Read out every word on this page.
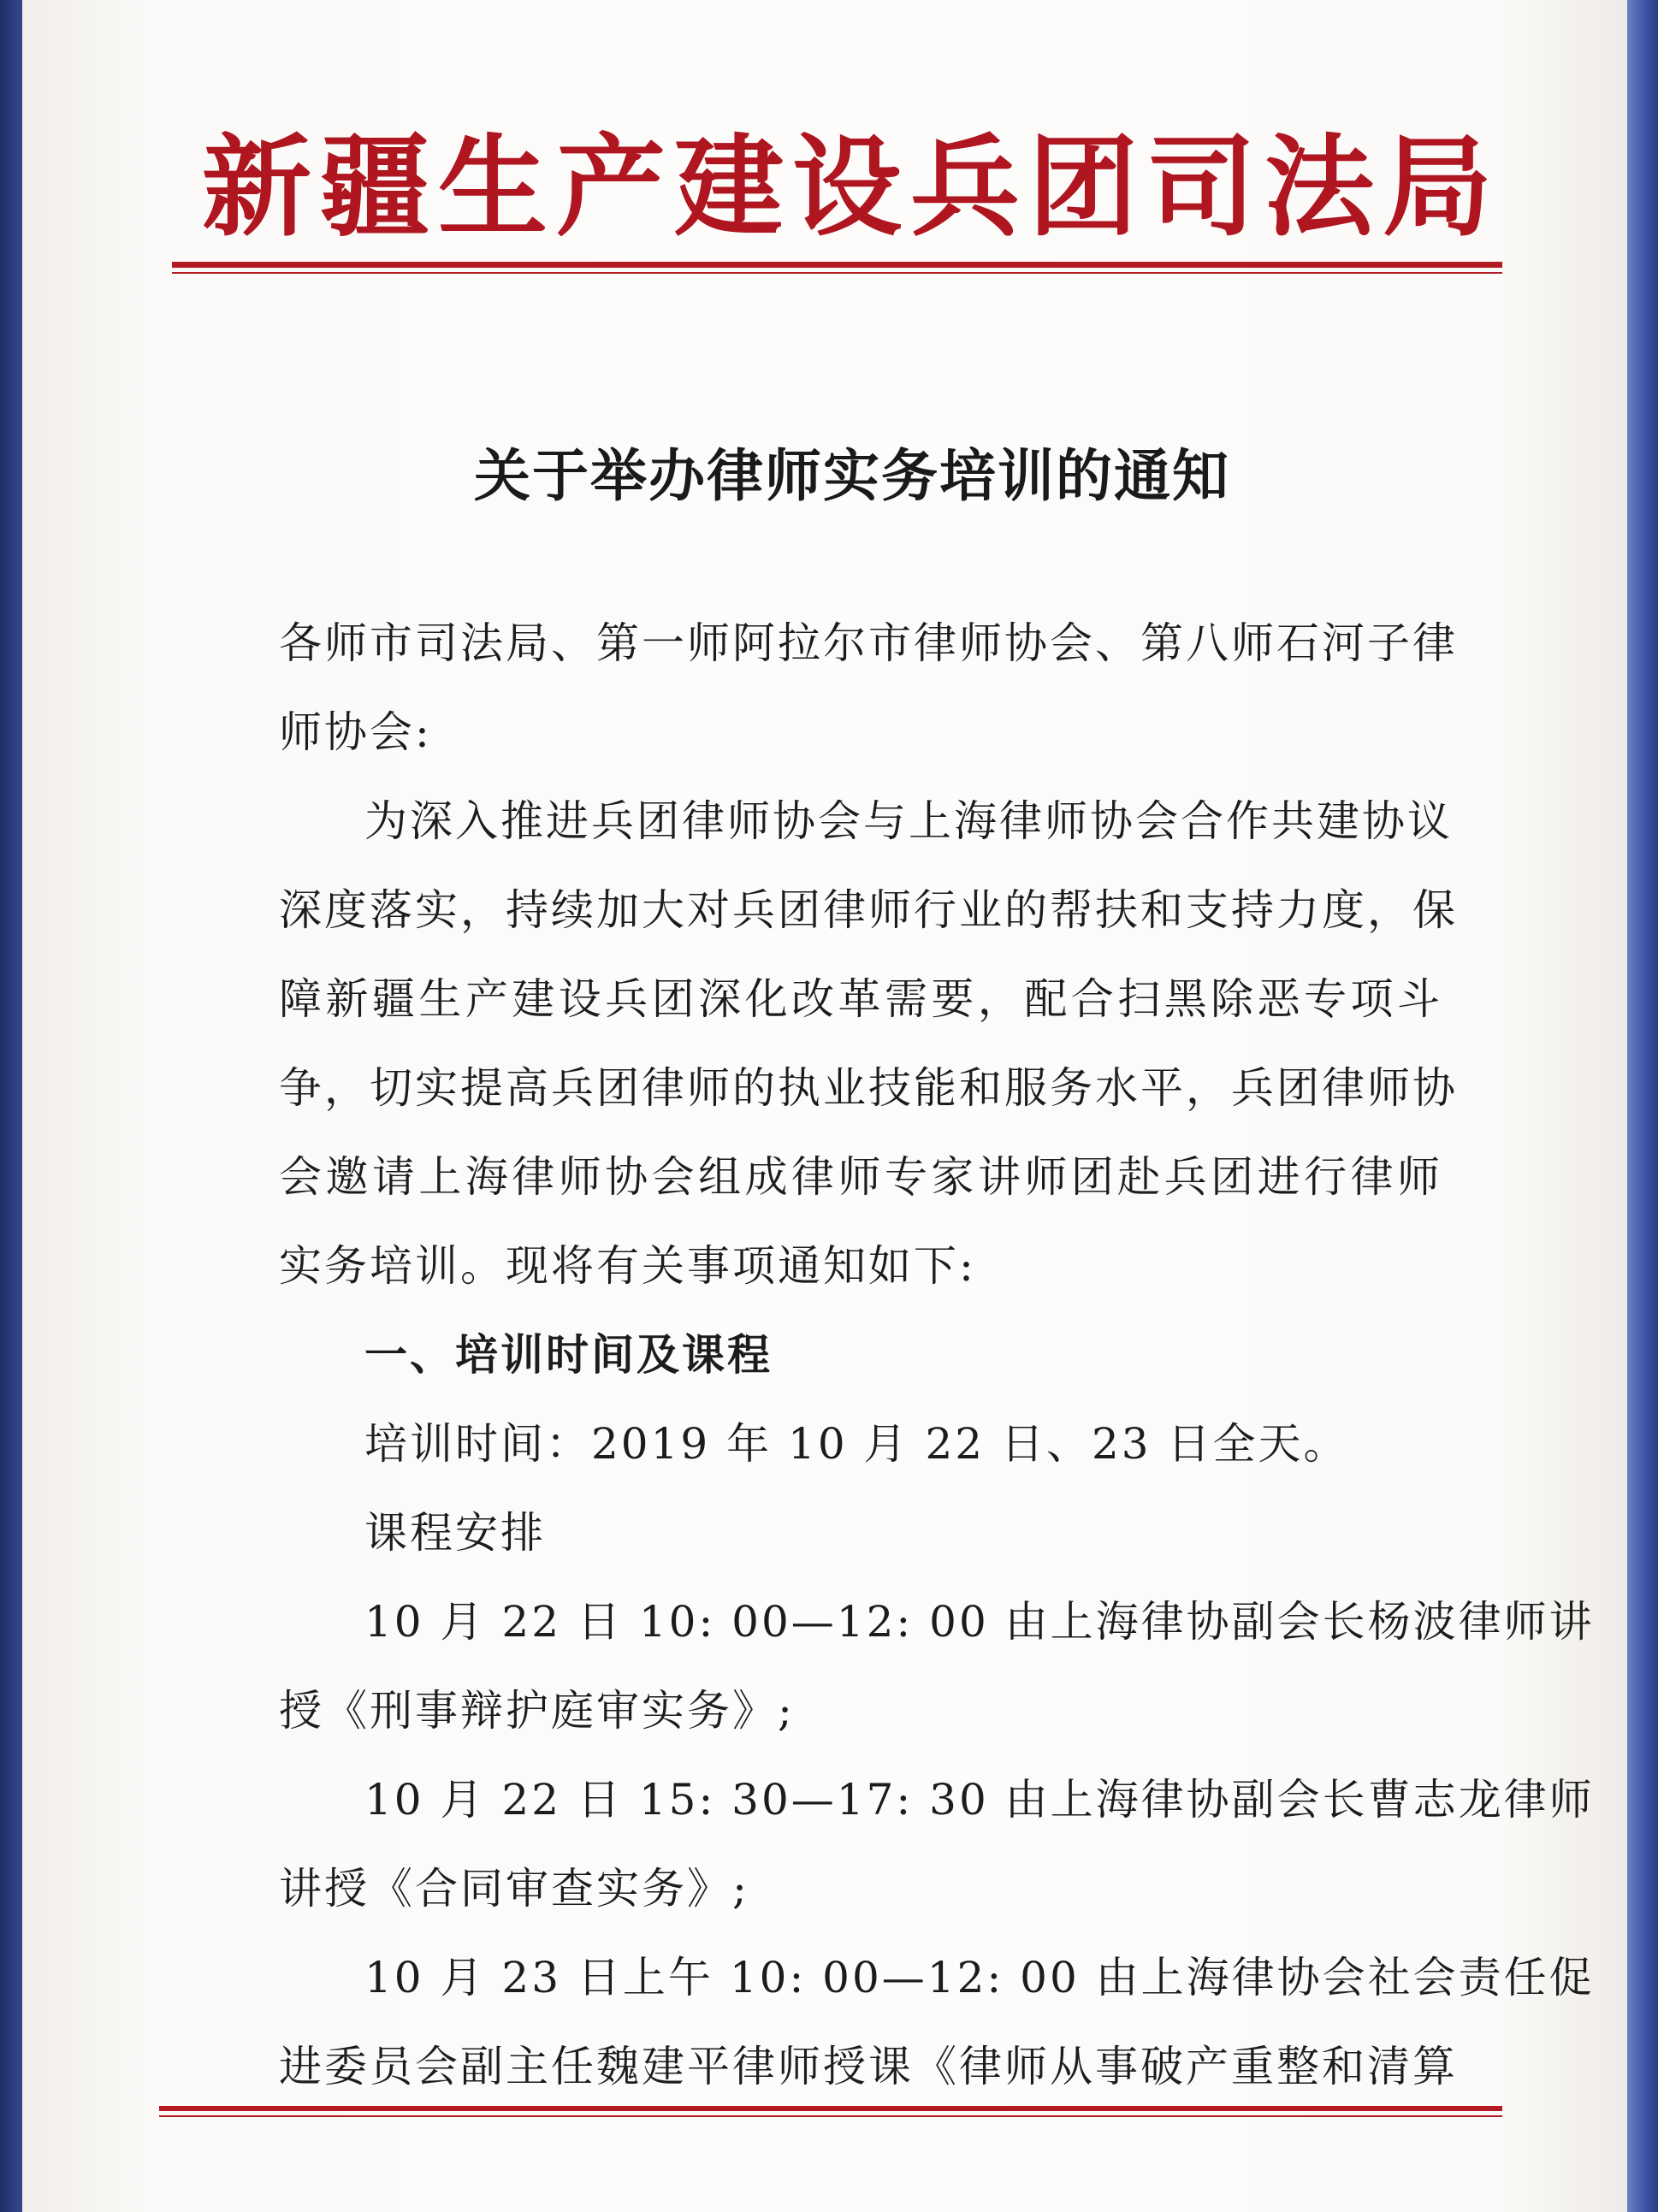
新疆生产建设兵团司法局
关于举办律师实务培训的通知
各师市司法局、第一师阿拉尔市律师协会、第八师石河子律
师协会:
为深入推进兵团律师协会与上海律师协会合作共建协议
深度落实，持续加大对兵团律师行业的帮扶和支持力度，保
障新疆生产建设兵团深化改革需要，配合扫黑除恶专项斗
争，切实提高兵团律师的执业技能和服务水平，兵团律师协
会邀请上海律师协会组成律师专家讲师团赴兵团进行律师
实务培训。现将有关事项通知如下:
一、培训时间及课程
培训时间：2019 年 10 月 22 日、23 日全天。
课程安排
10 月 22 日 10: 00—12: 00 由上海律协副会长杨波律师讲
授《刑事辩护庭审实务》;
10 月 22 日 15: 30—17: 30 由上海律协副会长曹志龙律师
讲授《合同审查实务》;
10 月 23 日上午 10: 00—12: 00 由上海律协会社会责任促
进委员会副主任魏建平律师授课《律师从事破产重整和清算
